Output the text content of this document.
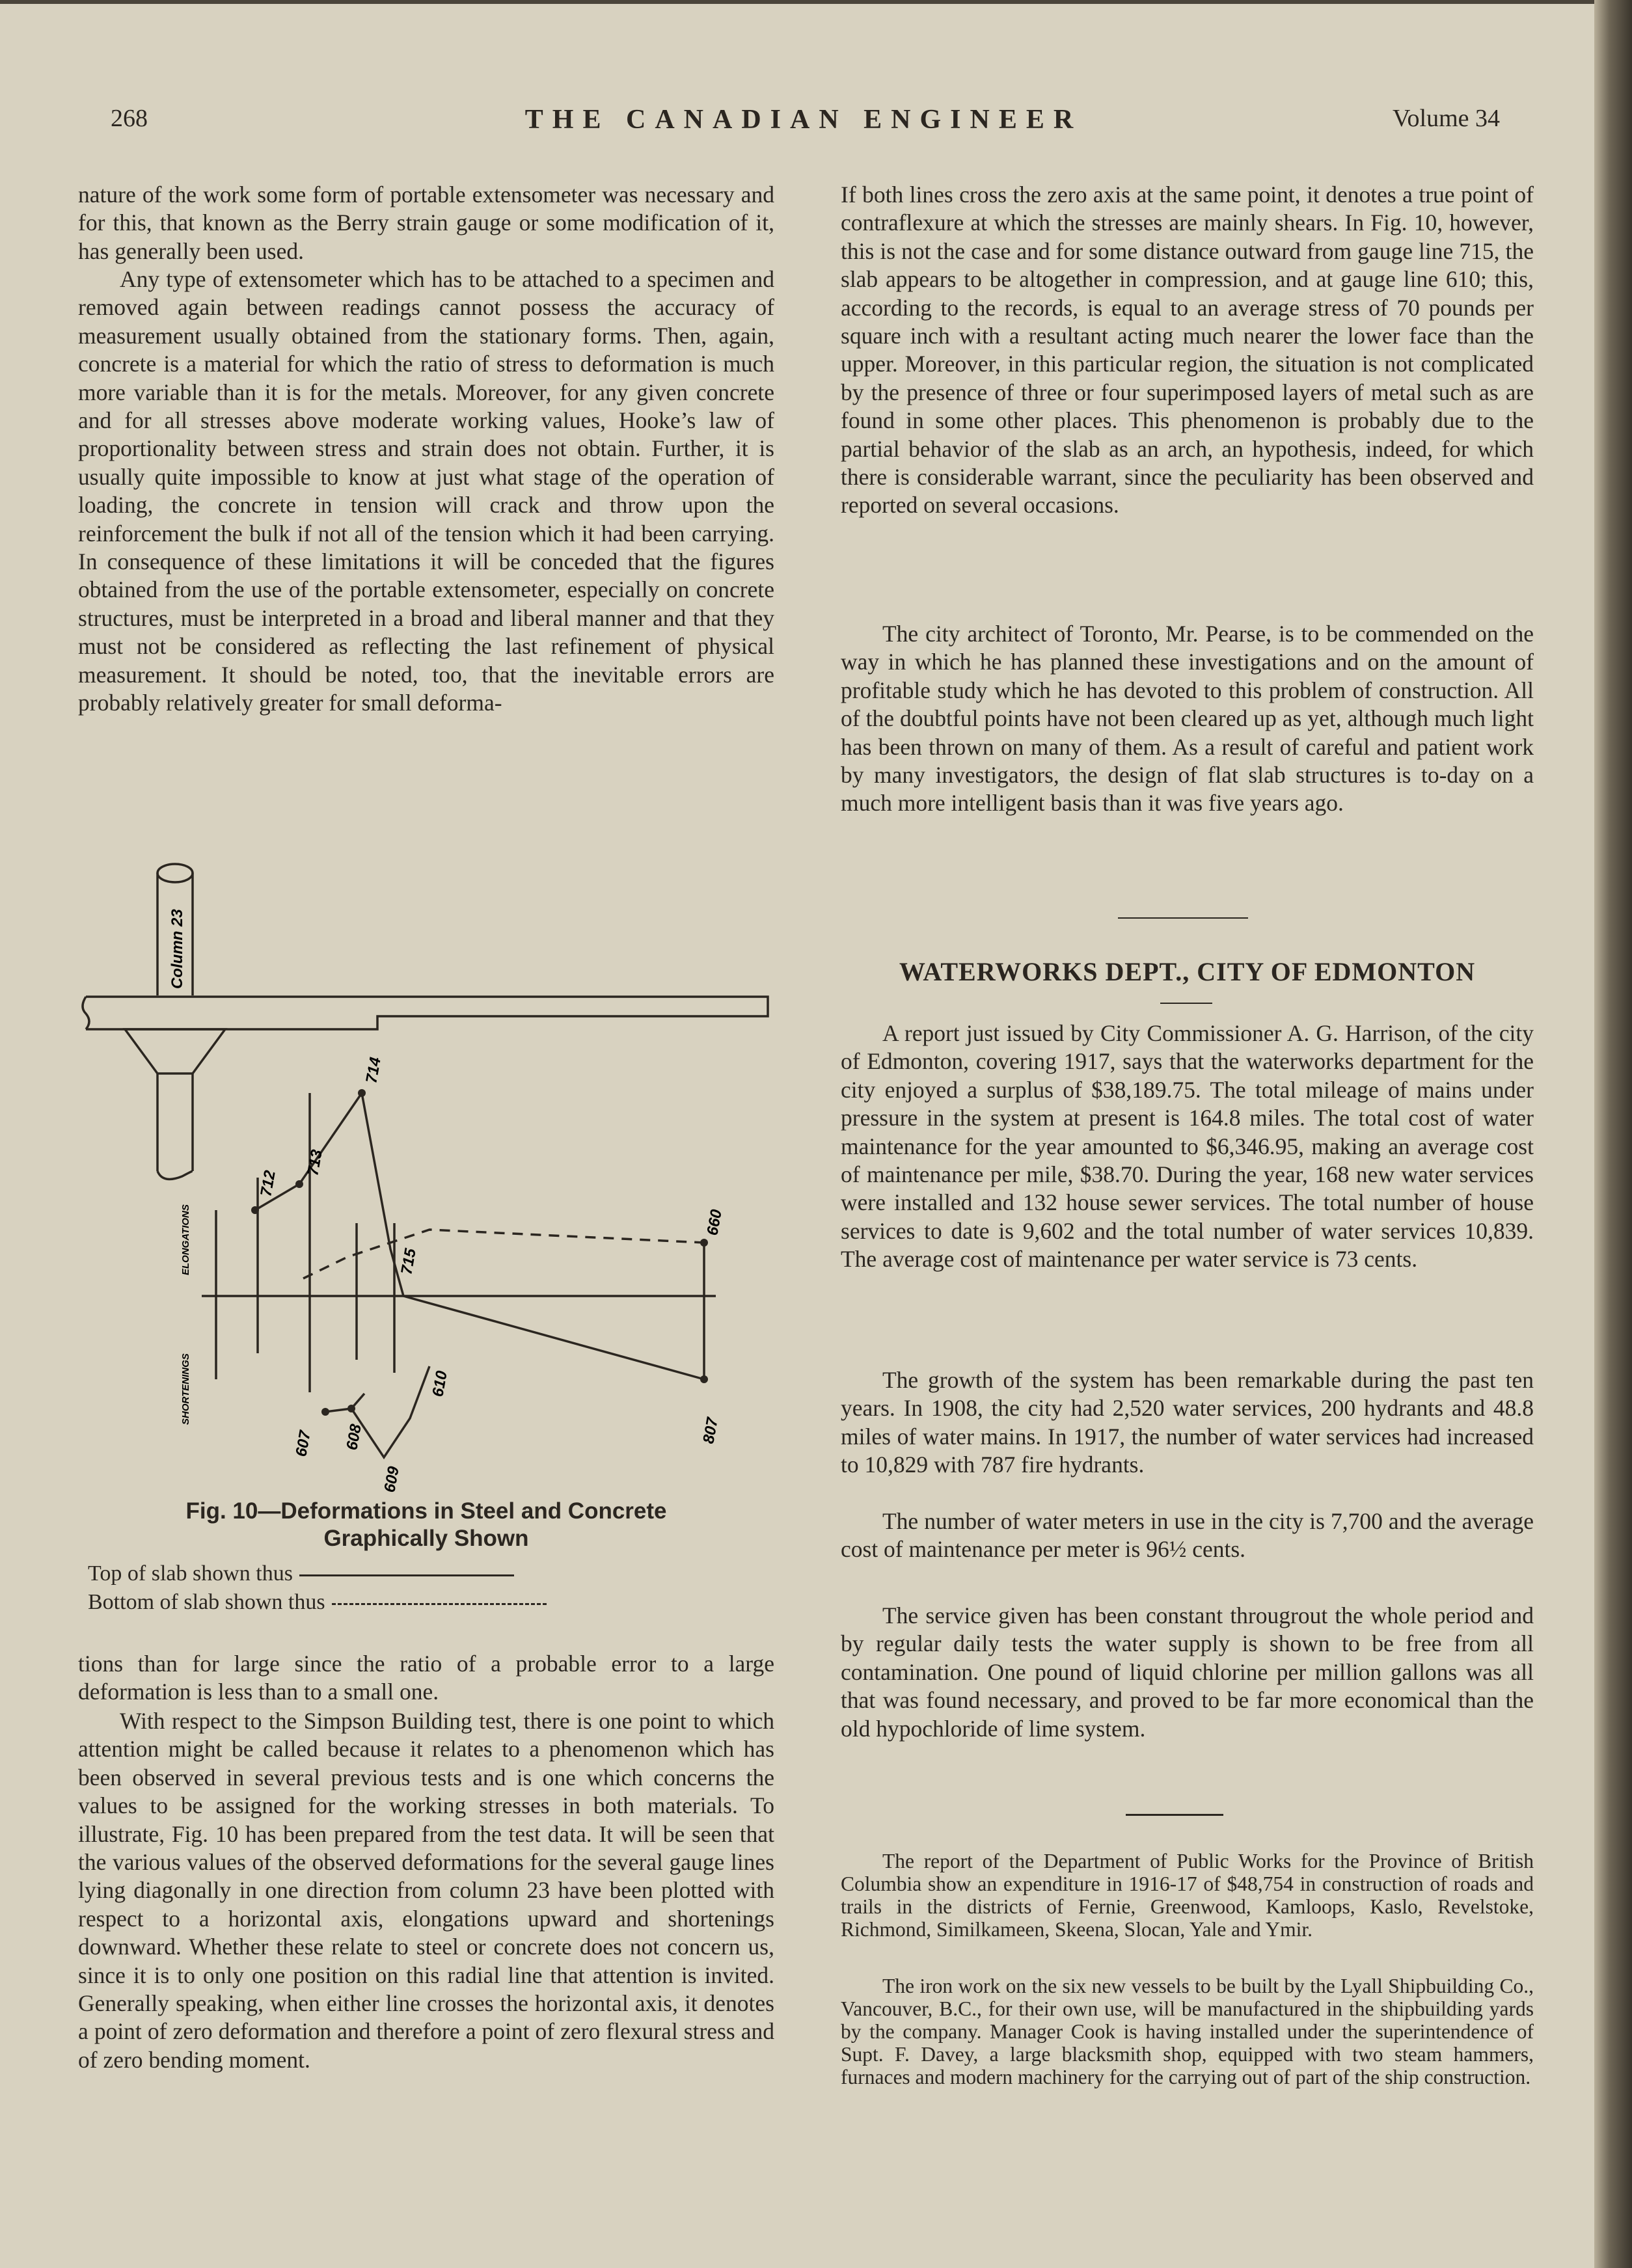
268	THE CANADIAN ENGINEER	Volume 34

nature of the work some form of portable extensometer was necessary and for this, that known as the Berry strain gauge or some modification of it, has generally been used.

Any type of extensometer which has to be attached to a specimen and removed again between readings cannot possess the accuracy of measurement usually obtained from the stationary forms. Then, again, concrete is a material for which the ratio of stress to deformation is much more variable than it is for the metals. Moreover, for any given concrete and for all stresses above moderate working values, Hooke’s law of proportionality between stress and strain does not obtain. Further, it is usually quite impossible to know at just what stage of the operation of loading, the concrete in tension will crack and throw upon the reinforcement the bulk if not all of the tension which it had been carrying. In consequence of these limitations it will be conceded that the figures obtained from the use of the portable extensometer, especially on concrete structures, must be interpreted in a broad and liberal manner and that they must not be considered as reflecting the last refinement of physical measurement. It should be noted, too, that the inevitable errors are probably relatively greater for small deforma-

Column 23
ELONGATIONS
SHORTENINGS
712
713
714
715
660
607 608
609
610
807
Fig. 10—Deformations in Steel and Concrete
Graphically Shown
Top of slab shown thus
Bottom of slab shown thus

tions than for large since the ratio of a probable error to a large deformation is less than to a small one.

With respect to the Simpson Building test, there is one point to which attention might be called because it relates to a phenomenon which has been observed in several previous tests and is one which concerns the values to be assigned for the working stresses in both materials. To illustrate, Fig. 10 has been prepared from the test data. It will be seen that the various values of the observed deformations for the several gauge lines lying diagonally in one direction from column 23 have been plotted with respect to a horizontal axis, elongations upward and shortenings downward. Whether these relate to steel or concrete does not concern us, since it is to only one position on this radial line that attention is invited. Generally speaking, when either line crosses the horizontal axis, it denotes a point of zero deformation and therefore a point of zero flexural stress and of zero bending moment.

If both lines cross the zero axis at the same point, it denotes a true point of contraflexure at which the stresses are mainly shears. In Fig. 10, however, this is not the case and for some distance outward from gauge line 715, the slab appears to be altogether in compression, and at gauge line 610; this, according to the records, is equal to an average stress of 70 pounds per square inch with a resultant acting much nearer the lower face than the upper. Moreover, in this particular region, the situation is not complicated by the presence of three or four superimposed layers of metal such as are found in some other places. This phenomenon is probably due to the partial behavior of the slab as an arch, an hypothesis, indeed, for which there is considerable warrant, since the peculiarity has been observed and reported on several occasions.

The city architect of Toronto, Mr. Pearse, is to be commended on the way in which he has planned these investigations and on the amount of profitable study which he has devoted to this problem of construction. All of the doubtful points have not been cleared up as yet, although much light has been thrown on many of them. As a result of careful and patient work by many investigators, the design of flat slab structures is to-day on a much more intelligent basis than it was five years ago.

WATERWORKS DEPT., CITY OF EDMONTON

A report just issued by City Commissioner A. G. Harrison, of the city of Edmonton, covering 1917, says that the waterworks department for the city enjoyed a surplus of $38,189.75. The total mileage of mains under pressure in the system at present is 164.8 miles. The total cost of water maintenance for the year amounted to $6,346.95, making an average cost of maintenance per mile, $38.70. During the year, 168 new water services were installed and 132 house sewer services. The total number of house services to date is 9,602 and the total number of water services 10,839. The average cost of maintenance per water service is 73 cents.

The growth of the system has been remarkable during the past ten years. In 1908, the city had 2,520 water services, 200 hydrants and 48.8 miles of water mains. In 1917, the number of water services had increased to 10,829 with 787 fire hydrants.

The number of water meters in use in the city is 7,700 and the average cost of maintenance per meter is 96½ cents.

The service given has been constant througrout the whole period and by regular daily tests the water supply is shown to be free from all contamination. One pound of liquid chlorine per million gallons was all that was found necessary, and proved to be far more economical than the old hypochloride of lime system.

The report of the Department of Public Works for the Province of British Columbia show an expenditure in 1916-17 of $48,754 in construction of roads and trails in the districts of Fernie, Greenwood, Kamloops, Kaslo, Revelstoke, Richmond, Similkameen, Skeena, Slocan, Yale and Ymir.

The iron work on the six new vessels to be built by the Lyall Shipbuilding Co., Vancouver, B.C., for their own use, will be manufactured in the shipbuilding yards by the company. Manager Cook is having installed under the superintendence of Supt. F. Davey, a large blacksmith shop, equipped with two steam hammers, furnaces and modern machinery for the carrying out of part of the ship construction.
